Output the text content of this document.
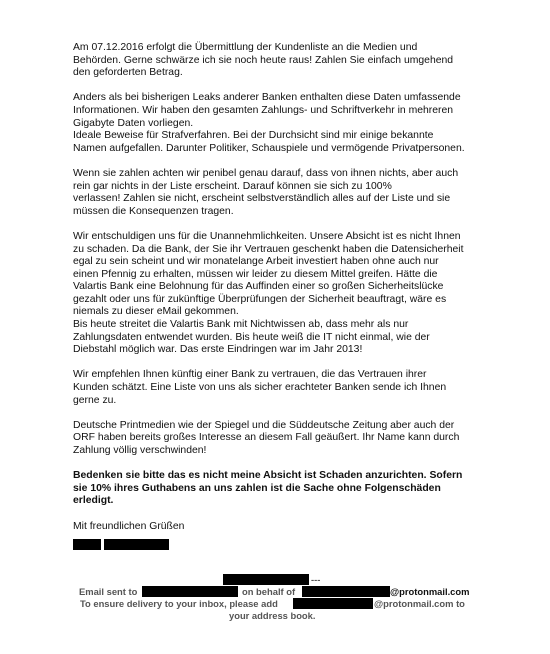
Am 07.12.2016 erfolgt die Übermittlung der Kundenliste an die Medien und
Behörden. Gerne schwärze ich sie noch heute raus! Zahlen Sie einfach umgehend
den geforderten Betrag.

Anders als bei bisherigen Leaks anderer Banken enthalten diese Daten umfassende
Informationen. Wir haben den gesamten Zahlungs- und Schriftverkehr in mehreren
Gigabyte Daten vorliegen.
Ideale Beweise für Strafverfahren. Bei der Durchsicht sind mir einige bekannte
Namen aufgefallen. Darunter Politiker, Schauspiele und vermögende Privatpersonen.

Wenn sie zahlen achten wir penibel genau darauf, dass von ihnen nichts, aber auch
rein gar nichts in der Liste erscheint. Darauf können sie sich zu 100%
verlassen! Zahlen sie nicht, erscheint selbstverständlich alles auf der Liste und sie
müssen die Konsequenzen tragen.

Wir entschuldigen uns für die Unannehmlichkeiten. Unsere Absicht ist es nicht Ihnen
zu schaden. Da die Bank, der Sie ihr Vertrauen geschenkt haben die Datensicherheit
egal zu sein scheint und wir monatelange Arbeit investiert haben ohne auch nur
einen Pfennig zu erhalten, müssen wir leider zu diesem Mittel greifen. Hätte die
Valartis Bank eine Belohnung für das Auffinden einer so großen Sicherheitslücke
gezahlt oder uns für zukünftige Überprüfungen der Sicherheit beauftragt, wäre es
niemals zu dieser eMail gekommen.
Bis heute streitet die Valartis Bank mit Nichtwissen ab, dass mehr als nur
Zahlungsdaten entwendet wurden. Bis heute weiß die IT nicht einmal, wie der
Diebstahl möglich war. Das erste Eindringen war im Jahr 2013!

Wir empfehlen Ihnen künftig einer Bank zu vertrauen, die das Vertrauen ihrer
Kunden schätzt. Eine Liste von uns als sicher erachteter Banken sende ich Ihnen
gerne zu.

Deutsche Printmedien wie der Spiegel und die Süddeutsche Zeitung aber auch der
ORF haben bereits großes Interesse an diesem Fall geäußert. Ihr Name kann durch
Zahlung völlig verschwinden!

Bedenken sie bitte das es nicht meine Absicht ist Schaden anzurichten. Sofern
sie 10% ihres Guthabens an uns zahlen ist die Sache ohne Folgenschäden
erledigt.

Mit freundlichen Grüßen

---
Email sent to	on behalf of	@protonmail.com
To ensure delivery to your inbox, please add	@protonmail.com to
your address book.
